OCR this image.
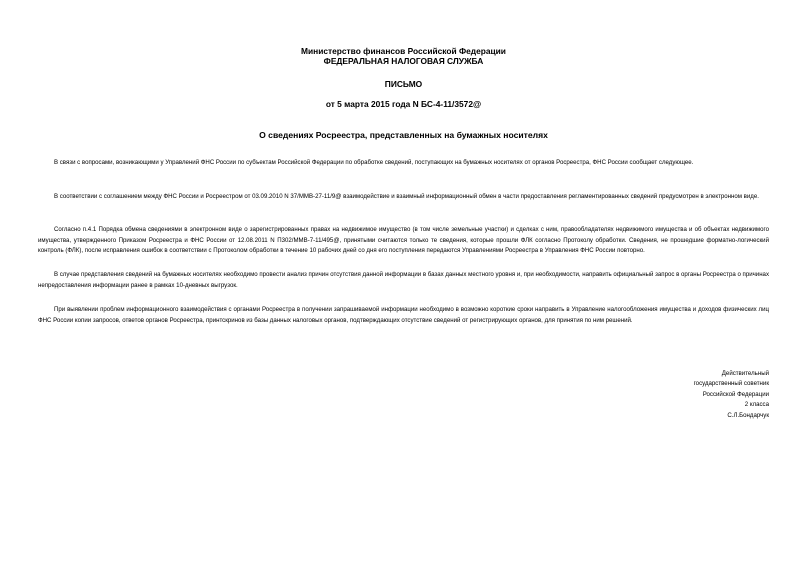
Министерство финансов Российской Федерации
ФЕДЕРАЛЬНАЯ НАЛОГОВАЯ СЛУЖБА
ПИСЬМО
от 5 марта 2015 года N БС-4-11/3572@
О сведениях Росреестра, представленных на бумажных носителях

В связи с вопросами, возникающими у Управлений ФНС России по субъектам Российской Федерации по обработке сведений, поступающих на бумажных носителях от органов Росреестра, ФНС России сообщает следующее.

В соответствии с соглашением между ФНС России и Росреестром от 03.09.2010 N 37/ММВ-27-11/9@ взаимодействие и взаимный информационный обмен в части предоставления регламентированных сведений предусмотрен в электронном виде.

Согласно п.4.1 Порядка обмена сведениями в электронном виде о зарегистрированных правах на недвижимое имущество (в том числе земельные участки) и сделках с ним, правообладателях недвижимого имущества и об объектах недвижимого имущества, утвержденного Приказом Росреестра и ФНС России от 12.08.2011 N П302/ММВ-7-11/495@, принятыми считаются только те сведения, которые прошли ФЛК согласно Протоколу обработки. Сведения, не прошедшие форматно-логический контроль (ФЛК), после исправления ошибок в соответствии с Протоколом обработки в течение 10 рабочих дней со дня его поступления передаются Управлениями Росреестра в Управления ФНС России повторно.

В случае представления сведений на бумажных носителях необходимо провести анализ причин отсутствия данной информации в базах данных местного уровня и, при необходимости, направить официальный запрос в органы Росреестра о причинах непредоставления информации ранее в рамках 10-дневных выгрузок.

При выявлении проблем информационного взаимодействия с органами Росреестра в получении запрашиваемой информации необходимо в возможно короткие сроки направить в Управление налогообложения имущества и доходов физических лиц ФНС России копии запросов, ответов органов Росреестра, принтскринов из базы данных налоговых органов, подтверждающих отсутствие сведений от регистрирующих органов, для принятия по ним решений.

Действительный
государственный советник
Российской Федерации
2 класса
С.Л.Бондарчук
